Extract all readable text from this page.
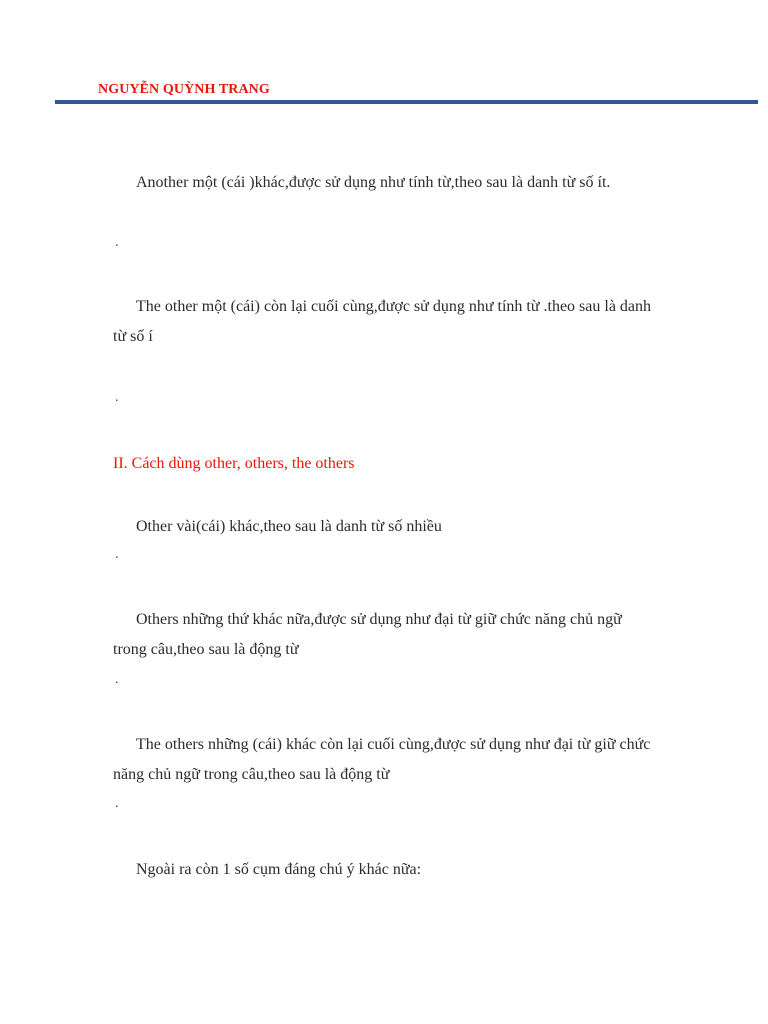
NGUYỄN QUỲNH TRANG

Another một (cái )khác,được sử dụng như tính từ,theo sau là danh từ số ít.

.

The other một (cái) còn lại cuối cùng,được sử dụng như tính từ .theo sau là danh từ số í

.
II. Cách dùng other, others, the others

Other vài(cái) khác,theo sau là danh từ số nhiều

.

Others những thứ khác nữa,được sử dụng như đại từ giữ chức năng chủ ngữ trong câu,theo sau là động từ

.

The others những (cái) khác còn lại cuối cùng,được sử dụng như đại từ giữ chức năng chủ ngữ trong câu,theo sau là động từ

.

Ngoài ra còn 1 số cụm đáng chú ý khác nữa:
